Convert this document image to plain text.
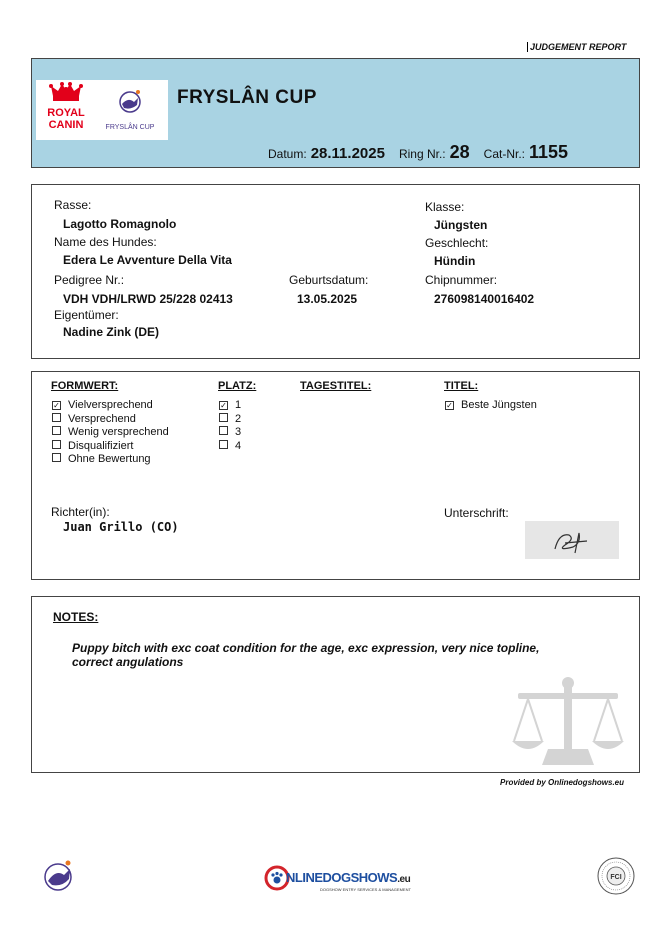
JUDGEMENT REPORT
ROYAL
CANIN	FRYSLÂN CUP
FRYSLÂN CUP
Datum: 28.11.2025 Ring Nr.: 28 Cat-Nr.: 1155
Rasse:
Lagotto Romagnolo
Name des Hundes:
Edera Le Avventure Della Vita
Pedigree Nr.:
VDH VDH/LRWD 25/228 02413
Eigentümer:
Nadine Zink (DE)
Geburtsdatum:
13.05.2025
Klasse:
Jüngsten
Geschlecht:
Hündin
Chipnummer:
276098140016402
FORMWERT:
✓ Vielversprechend
Versprechend
Wenig versprechend
Disqualifiziert
Ohne Bewertung
PLATZ:
✓ 1
2
3
4
TAGESTITEL:	TITEL:
✓ Beste Jüngsten
Richter(in):
Juan Grillo (CO)
Unterschrift:
NOTES:
Puppy bitch with exc coat condition for the age, exc expression, very nice topline,
correct angulations
Provided by Onlinedogshows.eu
NLINEDOGSHOWS.eu
DOGSHOW ENTRY SERVICES & MANAGEMENT
FCI
